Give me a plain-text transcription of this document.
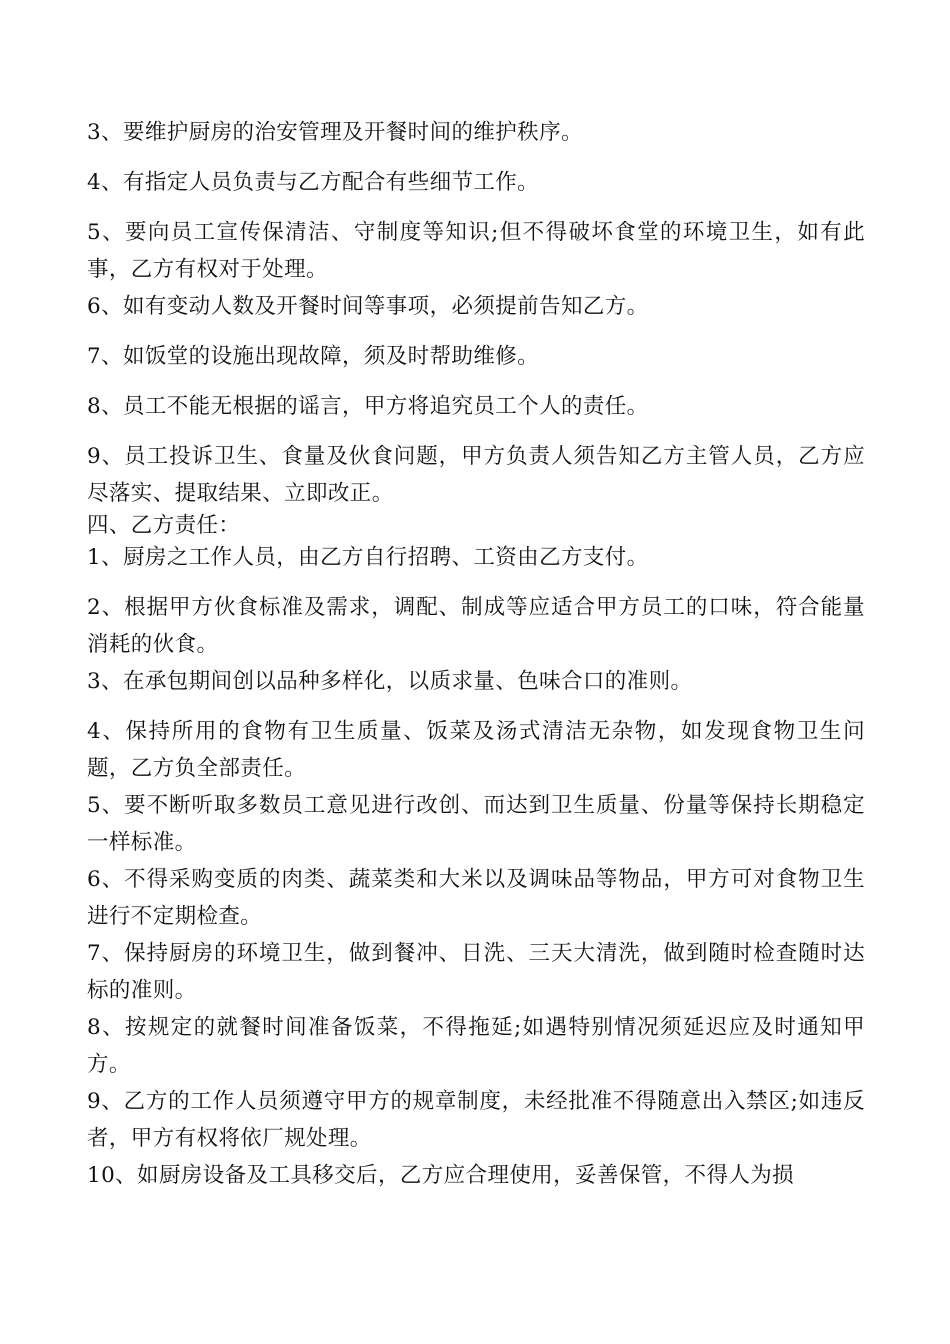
3、要维护厨房的治安管理及开餐时间的维护秩序。

4、有指定人员负责与乙方配合有些细节工作。

5、要向员工宣传保清洁、守制度等知识;但不得破坏食堂的环境卫生，如有此事，乙方有权对于处理。

6、如有变动人数及开餐时间等事项，必须提前告知乙方。

7、如饭堂的设施出现故障，须及时帮助维修。

8、员工不能无根据的谣言，甲方将追究员工个人的责任。

9、员工投诉卫生、食量及伙食问题，甲方负责人须告知乙方主管人员，乙方应尽落实、提取结果、立即改正。

四、乙方责任：

1、厨房之工作人员，由乙方自行招聘、工资由乙方支付。

2、根据甲方伙食标准及需求，调配、制成等应适合甲方员工的口味，符合能量消耗的伙食。

3、在承包期间创以品种多样化，以质求量、色味合口的准则。

4、保持所用的食物有卫生质量、饭菜及汤式清洁无杂物，如发现食物卫生问题，乙方负全部责任。

5、要不断听取多数员工意见进行改创、而达到卫生质量、份量等保持长期稳定一样标准。

6、不得采购变质的肉类、蔬菜类和大米以及调味品等物品，甲方可对食物卫生进行不定期检查。

7、保持厨房的环境卫生，做到餐冲、日洗、三天大清洗，做到随时检查随时达标的准则。

8、按规定的就餐时间准备饭菜，不得拖延;如遇特别情况须延迟应及时通知甲方。

9、乙方的工作人员须遵守甲方的规章制度，未经批准不得随意出入禁区;如违反者，甲方有权将依厂规处理。

10、如厨房设备及工具移交后，乙方应合理使用，妥善保管，不得人为损
